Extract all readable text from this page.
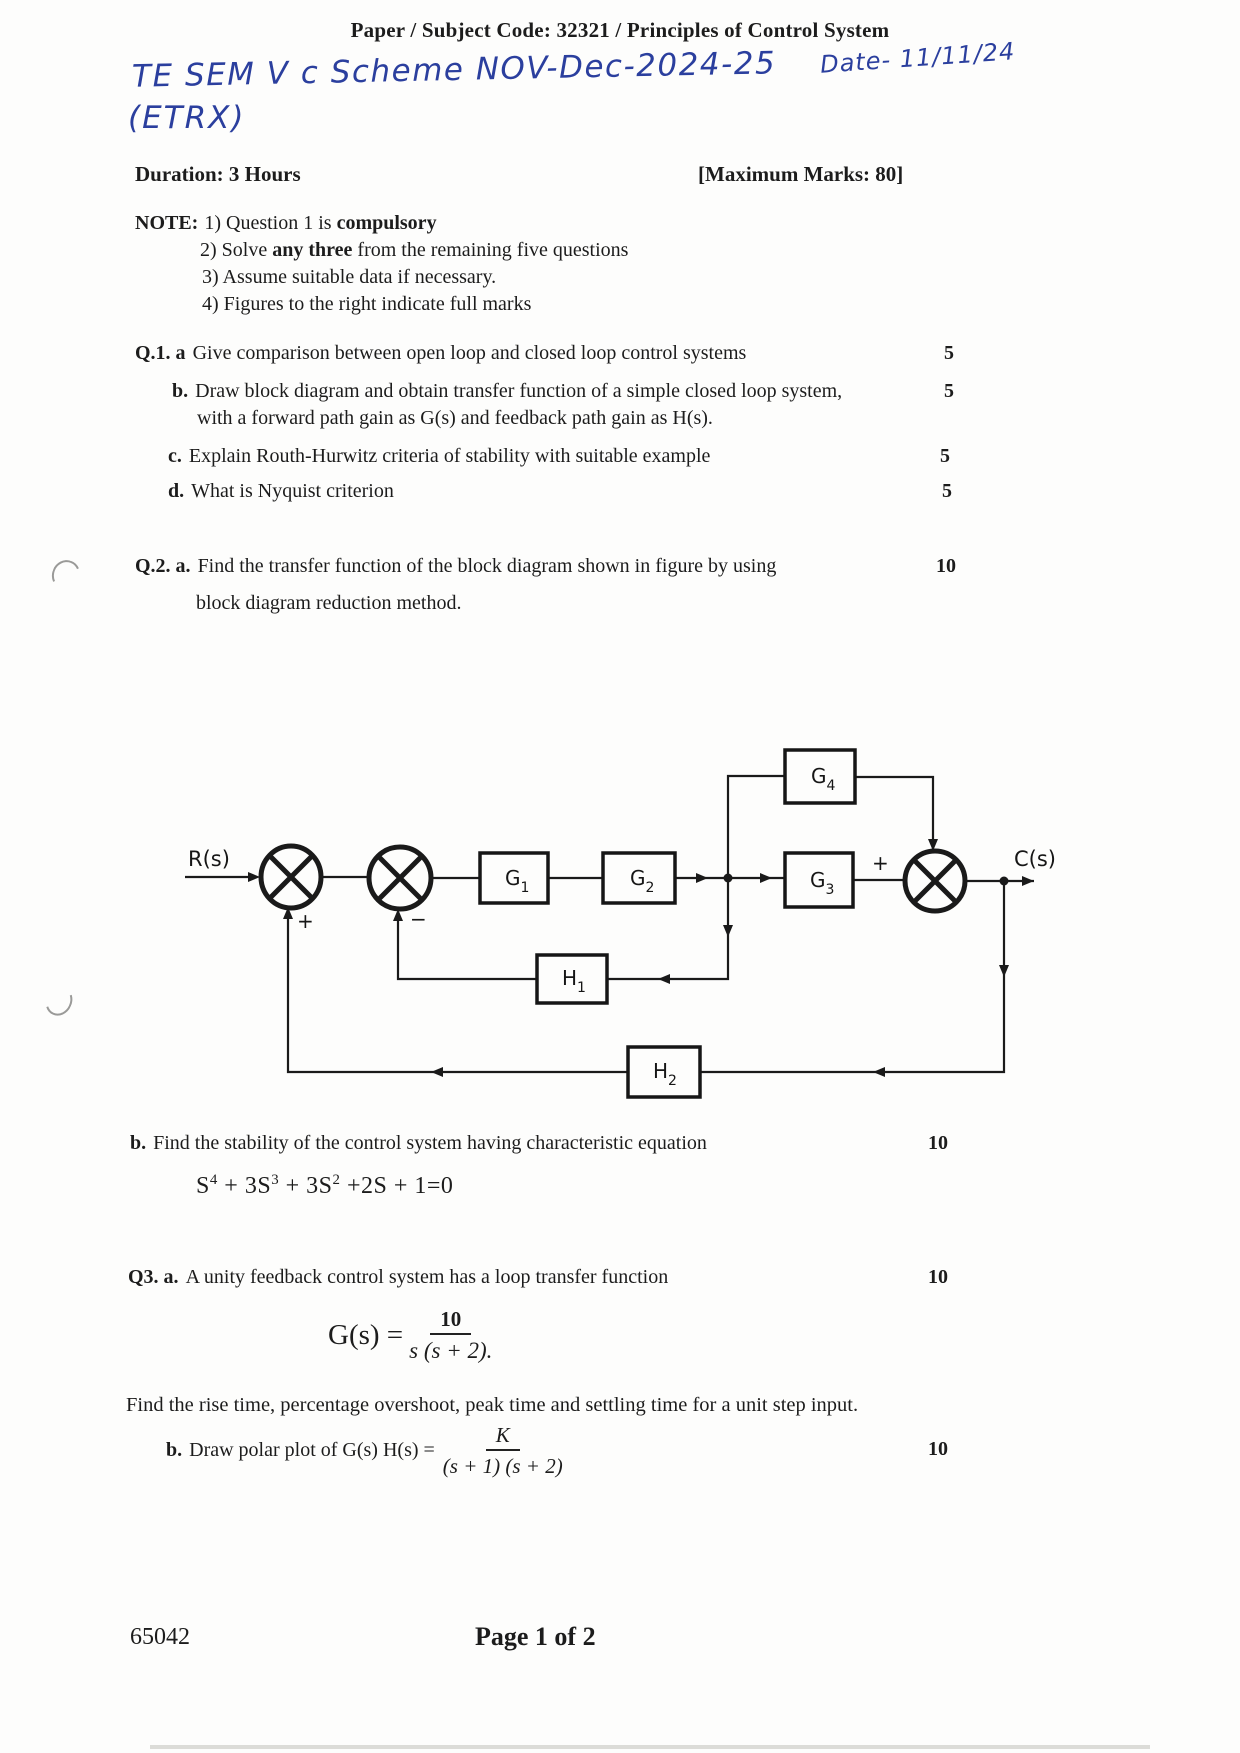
Paper / Subject Code: 32321 / Principles of Control System
TE SEM V c Scheme NOV-Dec-2024-25 Date- 11/11/24
(ETRX)
Duration: 3 Hours	[Maximum Marks: 80]
NOTE: 1) Question 1 is compulsory
2) Solve any three from the remaining five questions
3) Assume suitable data if necessary.
4) Figures to the right indicate full marks
Q.1. a Give comparison between open loop and closed loop control systems	5
b. Draw block diagram and obtain transfer function of a simple closed loop system,
with a forward path gain as G(s) and feedback path gain as H(s).
5
c. Explain Routh-Hurwitz criteria of stability with suitable example	5
d. What is Nyquist criterion	5
Q.2. a. Find the transfer function of the block diagram shown in figure by using	10
block diagram reduction method.
$G_1$	$G_2$	$G_3$
$G_4$
$H_1$
$H_2$
R(s)	C(s)
+	−
+
b. Find the stability of the control system having characteristic equation	10
$S^4 + 3S^3 + 3S^2 +2S + 1=0$
Q3. a. A unity feedback control system has a loop transfer function	10
$G(s) = \frac{10}{s (s + 2).}$
Find the rise time, percentage overshoot, peak time and settling time for a unit step input.
b. Draw polar plot of G(s) $H(s) = \frac{K}{(s + 1) (s + 2)}$	10
65042	Page 1 of 2
